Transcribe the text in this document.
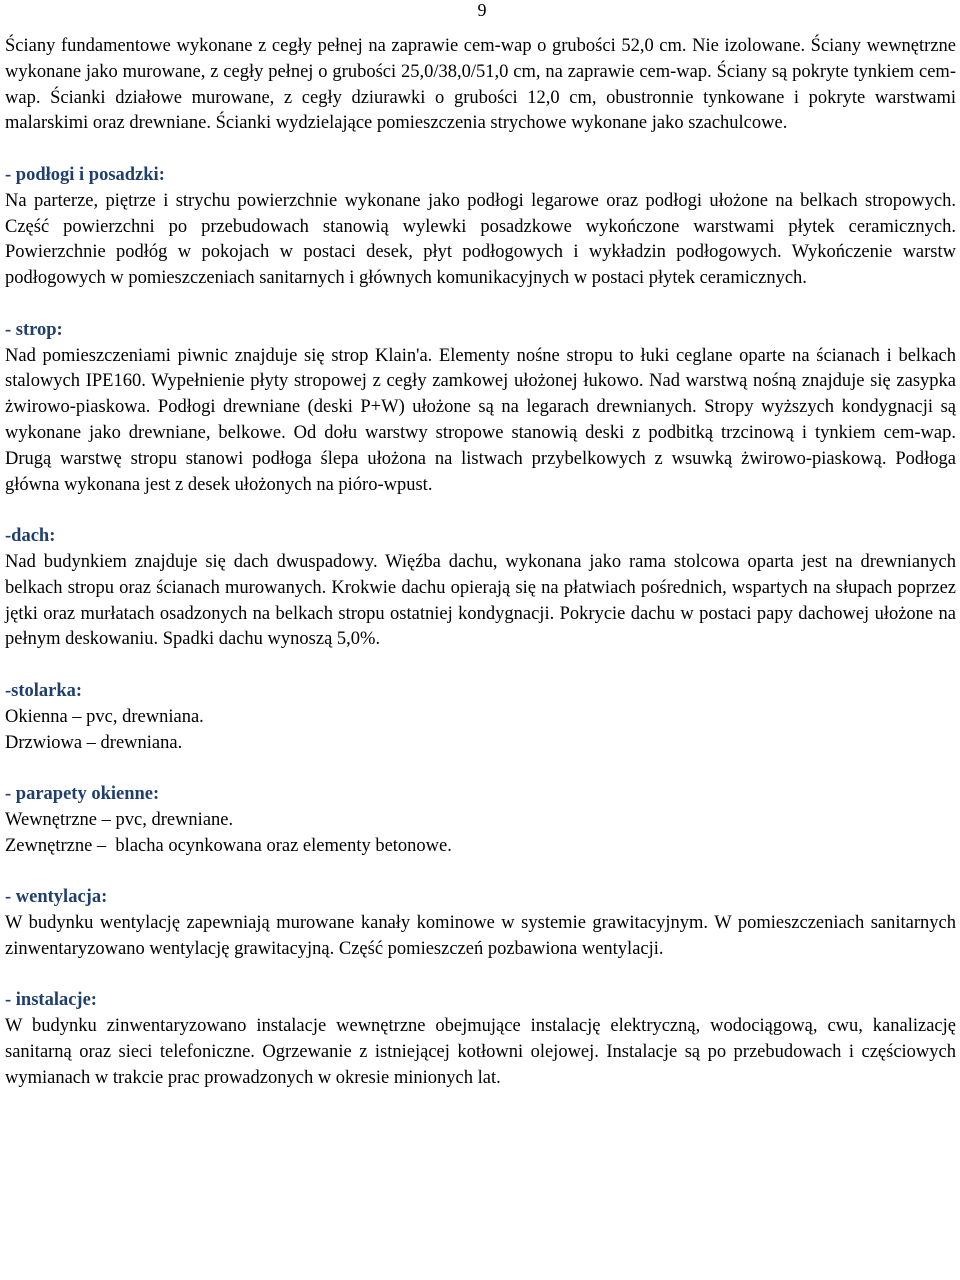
9

Ściany fundamentowe wykonane z cegły pełnej na zaprawie cem-wap o grubości 52,0 cm. Nie izolowane. Ściany wewnętrzne wykonane jako murowane, z cegły pełnej o grubości 25,0/38,0/51,0 cm, na zaprawie cem-wap. Ściany są pokryte tynkiem cem-wap. Ścianki działowe murowane, z cegły dziurawki o grubości 12,0 cm, obustronnie tynkowane i pokryte warstwami malarskimi oraz drewniane. Ścianki wydzielające pomieszczenia strychowe wykonane jako szachulcowe.

- podłogi i posadzki:

Na parterze, piętrze i strychu powierzchnie wykonane jako podłogi legarowe oraz podłogi ułożone na belkach stropowych. Część powierzchni po przebudowach stanowią wylewki posadzkowe wykończone warstwami płytek ceramicznych. Powierzchnie podłóg w pokojach w postaci desek, płyt podłogowych i wykładzin podłogowych. Wykończenie warstw podłogowych w pomieszczeniach sanitarnych i głównych komunikacyjnych w postaci płytek ceramicznych.

- strop:

Nad pomieszczeniami piwnic znajduje się strop Klain'a. Elementy nośne stropu to łuki ceglane oparte na ścianach i belkach stalowych IPE160. Wypełnienie płyty stropowej z cegły zamkowej ułożonej łukowo. Nad warstwą nośną znajduje się zasypka żwirowo-piaskowa. Podłogi drewniane (deski P+W) ułożone są na legarach drewnianych. Stropy wyższych kondygnacji są wykonane jako drewniane, belkowe. Od dołu warstwy stropowe stanowią deski z podbitką trzcinową i tynkiem cem-wap. Drugą warstwę stropu stanowi podłoga ślepa ułożona na listwach przybelkowych z wsuwką żwirowo-piaskową. Podłoga główna wykonana jest z desek ułożonych na pióro-wpust.

-dach:

Nad budynkiem znajduje się dach dwuspadowy. Więźba dachu, wykonana jako rama stolcowa oparta jest na drewnianych belkach stropu oraz ścianach murowanych. Krokwie dachu opierają się na płatwiach pośrednich, wspartych na słupach poprzez jętki oraz murłatach osadzonych na belkach stropu ostatniej kondygnacji. Pokrycie dachu w postaci papy dachowej ułożone na pełnym deskowaniu. Spadki dachu wynoszą 5,0%.

-stolarka:

Okienna – pvc, drewniana.

Drzwiowa – drewniana.

- parapety okienne:

Wewnętrzne – pvc, drewniane.

Zewnętrzne –  blacha ocynkowana oraz elementy betonowe.

- wentylacja:

W budynku wentylację zapewniają murowane kanały kominowe w systemie grawitacyjnym. W pomieszczeniach sanitarnych zinwentaryzowano wentylację grawitacyjną. Część pomieszczeń pozbawiona wentylacji.

- instalacje:

W budynku zinwentaryzowano instalacje wewnętrzne obejmujące instalację elektryczną, wodociągową, cwu, kanalizację sanitarną oraz sieci telefoniczne. Ogrzewanie z istniejącej kotłowni olejowej. Instalacje są po przebudowach i częściowych wymianach w trakcie prac prowadzonych w okresie minionych lat.
